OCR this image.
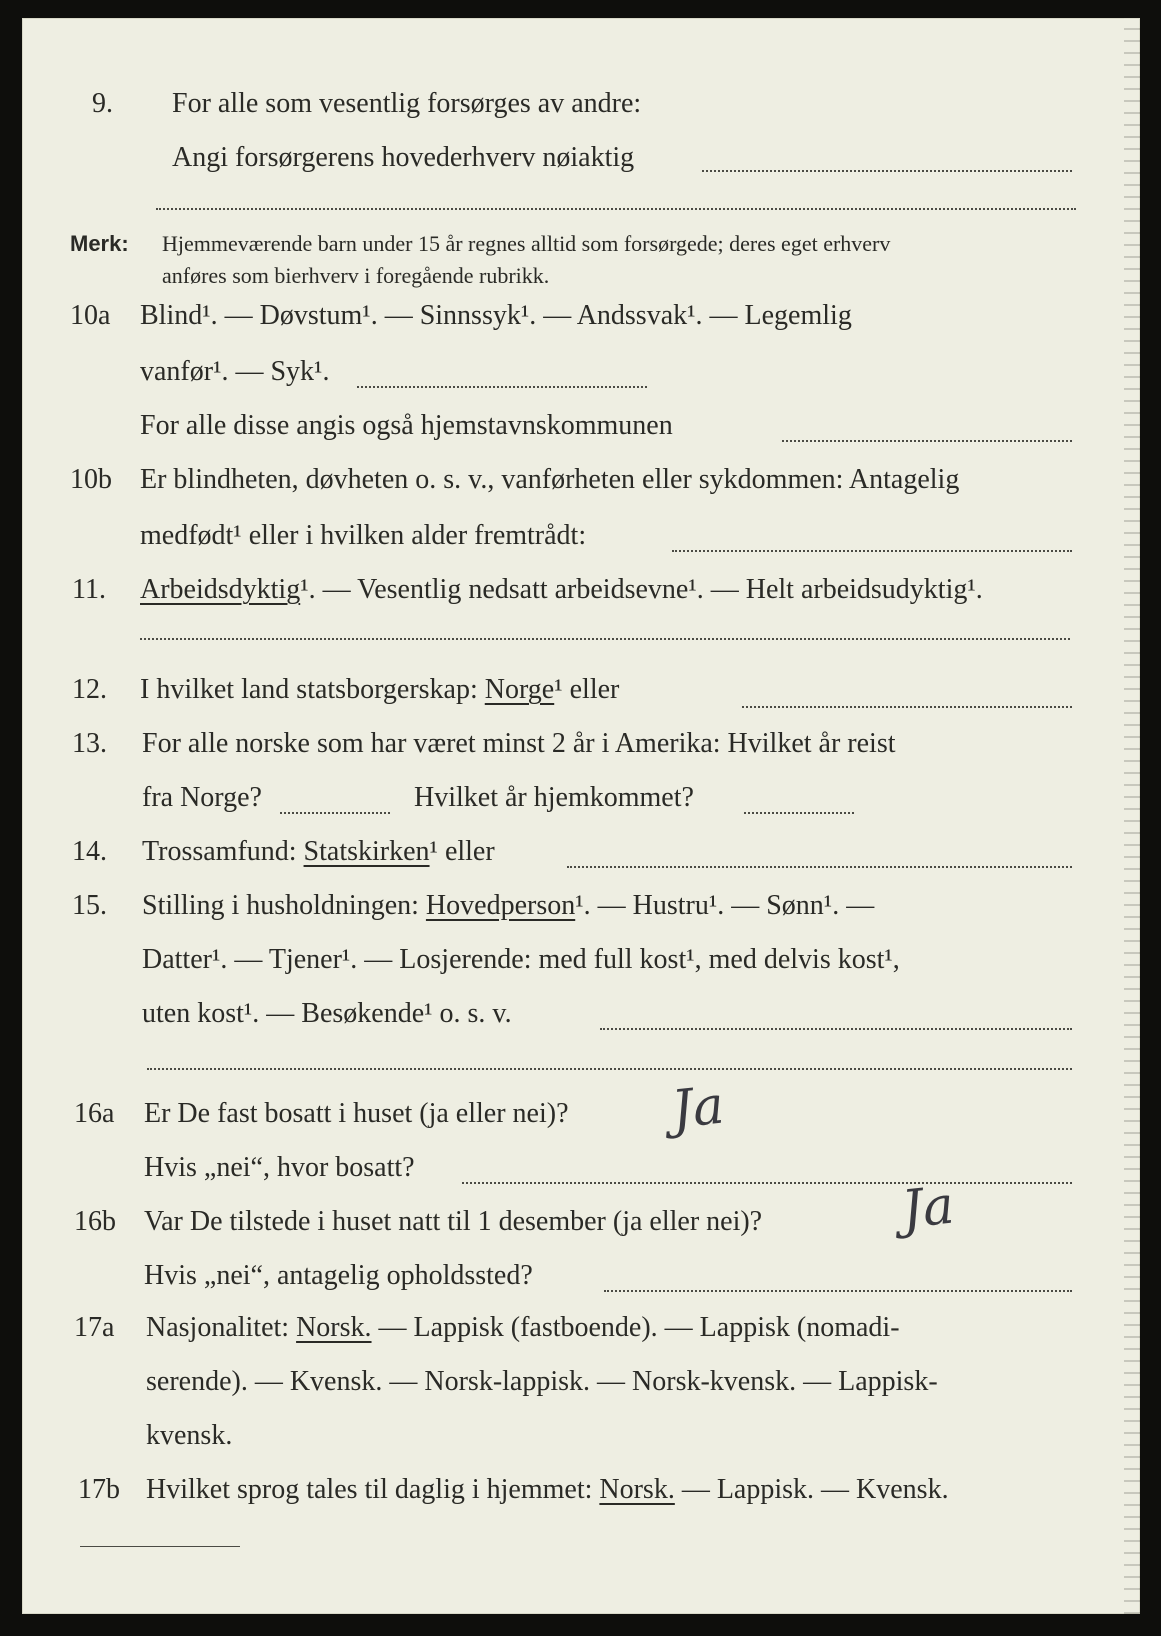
9. For alle som vesentlig forsørges av andre:
Angi forsørgerens hovederhverv nøiaktig
Merk: Hjemmeværende barn under 15 år regnes alltid som forsørgede; deres eget erhverv
anføres som bierhverv i foregående rubrikk.
10a Blind¹. — Døvstum¹. — Sinnssyk¹. — Andssvak¹. — Legemlig
vanfør¹. — Syk¹.
For alle disse angis også hjemstavnskommunen
10b Er blindheten, døvheten o. s. v., vanførheten eller sykdommen: Antagelig
medfødt¹ eller i hvilken alder fremtrådt:
11. Arbeidsdyktig¹. — Vesentlig nedsatt arbeidsevne¹. — Helt arbeidsudyktig¹.
12. I hvilket land statsborgerskap: Norge¹ eller
13. For alle norske som har været minst 2 år i Amerika: Hvilket år reist
fra Norge?	Hvilket år hjemkommet?
14. Trossamfund: Statskirken¹ eller
15. Stilling i husholdningen: Hovedperson¹. — Hustru¹. — Sønn¹. —
Datter¹. — Tjener¹. — Losjerende: med full kost¹, med delvis kost¹,
uten kost¹. — Besøkende¹ o. s. v.
16a Er De fast bosatt i huset (ja eller nei)? Ja
Hvis „nei“, hvor bosatt?
16b Var De tilstede i huset natt til 1 desember (ja eller nei)?	Ja
Hvis „nei“, antagelig opholdssted?
17a Nasjonalitet: Norsk. — Lappisk (fastboende). — Lappisk (nomadi-
serende). — Kvensk. — Norsk-lappisk. — Norsk-kvensk. — Lappisk-
kvensk.
17b Hvilket sprog tales til daglig i hjemmet: Norsk. — Lappisk. — Kvensk.
